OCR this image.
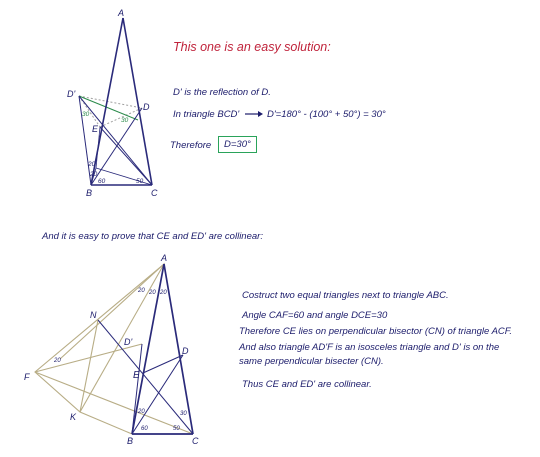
A
D'
D
E
B	C
30
30
20
20
60	50
A
N
D'
D
E
F
K
B	C
20 20 20
20
20
60
30
50
This one is an easy solution:
D' is the reflection of D.
In triangle BCD'	D'=180° - (100° + 50°) = 30°
Therefore	D=30°
And it is easy to prove that CE and ED' are collinear:
Costruct two equal triangles next to triangle ABC.
Angle CAF=60 and angle DCE=30
Therefore CE lies on perpendicular bisector (CN) of triangle ACF.
And also triangle AD'F is an isosceles triangle and D' is on the
same perpendicular bisecter (CN).
Thus CE and ED' are collinear.
